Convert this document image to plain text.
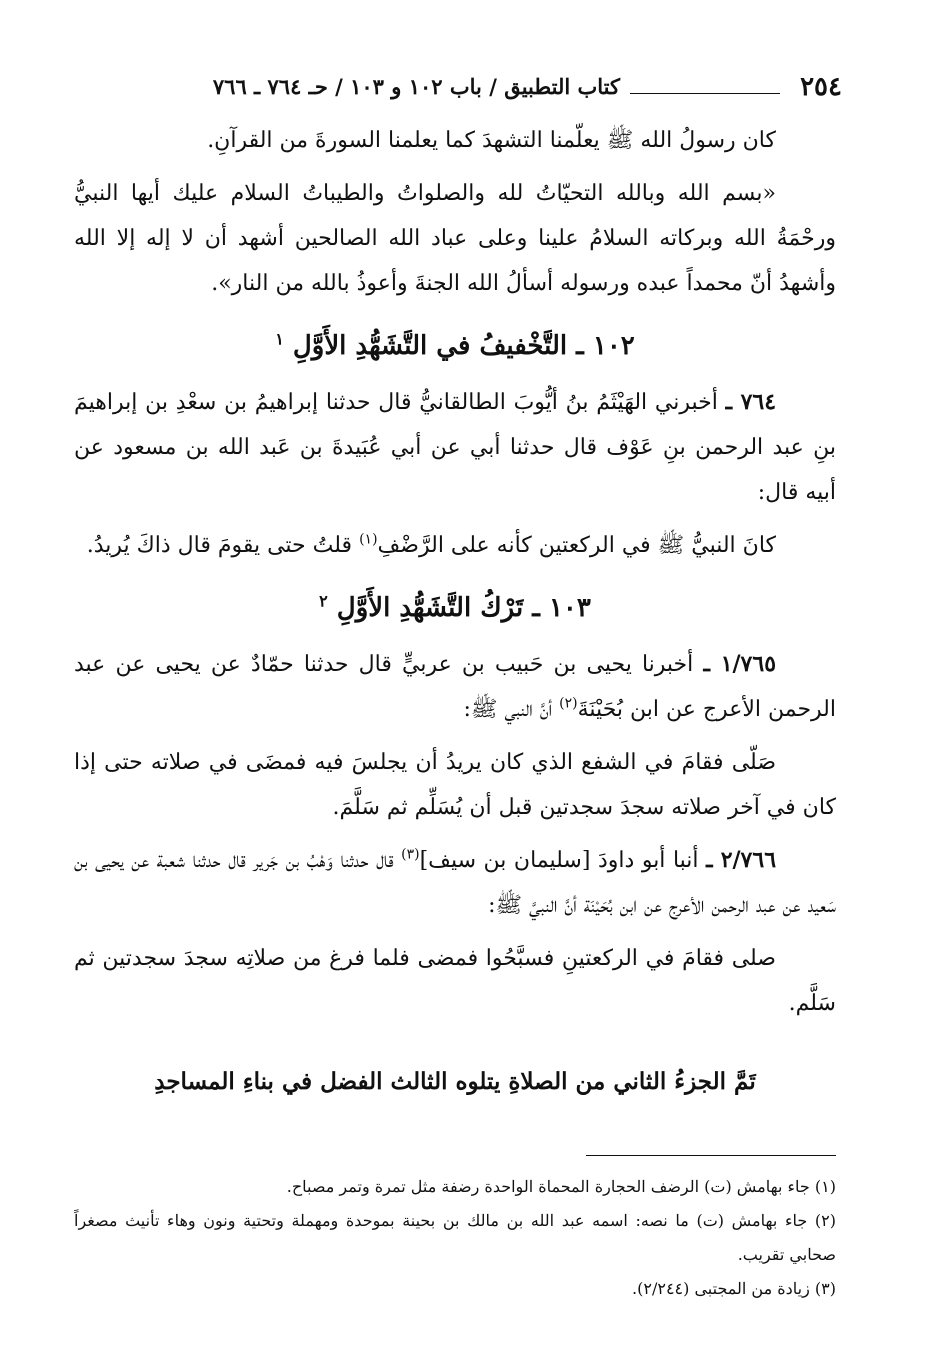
٢٥٤
كتاب التطبيق / باب ١٠٢ و ١٠٣ / حـ ٧٦٤ ـ ٧٦٦

كان رسولُ الله ﷺ يعلّمنا التشهدَ كما يعلمنا السورةَ من القرآنِ.

«بسم الله وبالله التحيّاتُ لله والصلواتُ والطيباتُ السلام عليك أيها النبيُّ ورحْمَةُ الله وبركاته السلامُ علينا وعلى عباد الله الصالحين أشهد أن لا إله إلا الله وأشهدُ أنّ محمداً عبده ورسوله أسألُ الله الجنةَ وأعوذُ بالله من النار».

١٠٢ ـ التَّخْفيفُ في التَّشَهُّدِ الأَوَّلِ $^١$

٧٦٤ ـ أخبرني الهَيْثَمُ بنُ أيُّوبَ الطالقانيُّ قال حدثنا إبراهيمُ بن سعْدِ بن إبراهيمَ بنِ عبد الرحمن بنِ عَوْف قال حدثنا أبي عن أبي عُبَيدةَ بن عَبد الله بن مسعود عن أبيه قال:

كانَ النبيُّ ﷺ في الركعتين كأنه على الرَّضْفِ$^{(١)}$ قلتُ حتى يقومَ قال ذاكَ يُريدُ.

١٠٣ ـ تَرْكُ التَّشَهُّدِ الأَوَّلِ $^٢$

١/٧٦٥ ـ أخبرنا يحيى بن حَبيب بن عربيٍّ قال حدثنا حمّادٌ عن يحيى عن عبد الرحمن الأعرج عن ابن بُحَيْنَةَ$^{(٢)}$ أنَّ النبي ﷺ:

صَلّى فقامَ في الشفع الذي كان يريدُ أن يجلسَ فيه فمضَى في صلاته حتى إذا كان في آخر صلاته سجدَ سجدتين قبل أن يُسَلِّم ثم سَلَّمَ.

٢/٧٦٦ ـ أنبا أبو داودَ [سليمان بن سيف]$^{(٣)}$ قال حدثنا وَهْبُ بن جَرير قال حدثنا شعبة عن يحيى بن سَعيد عن عبد الرحمن الأعرج عن ابن بُحَيْنَة أنَّ النبيَّ ﷺ:

صلى فقامَ في الركعتينِ فسبَّحُوا فمضى فلما فرغ من صلاتِه سجدَ سجدتين ثم سَلَّم.

تَمَّ الجزءُ الثاني من الصلاةِ يتلوه الثالث الفضل في بناءِ المساجدِ

(١) جاء بهامش (ت) الرضف الحجارة المحماة الواحدة رضفة مثل تمرة وتمر مصباح.

(٢) جاء بهامش (ت) ما نصه: اسمه عبد الله بن مالك بن بحينة بموحدة ومهملة وتحتية ونون وهاء تأنيث مصغراً صحابي تقريب.

(٣) زيادة من المجتبى (٢/٢٤٤).
